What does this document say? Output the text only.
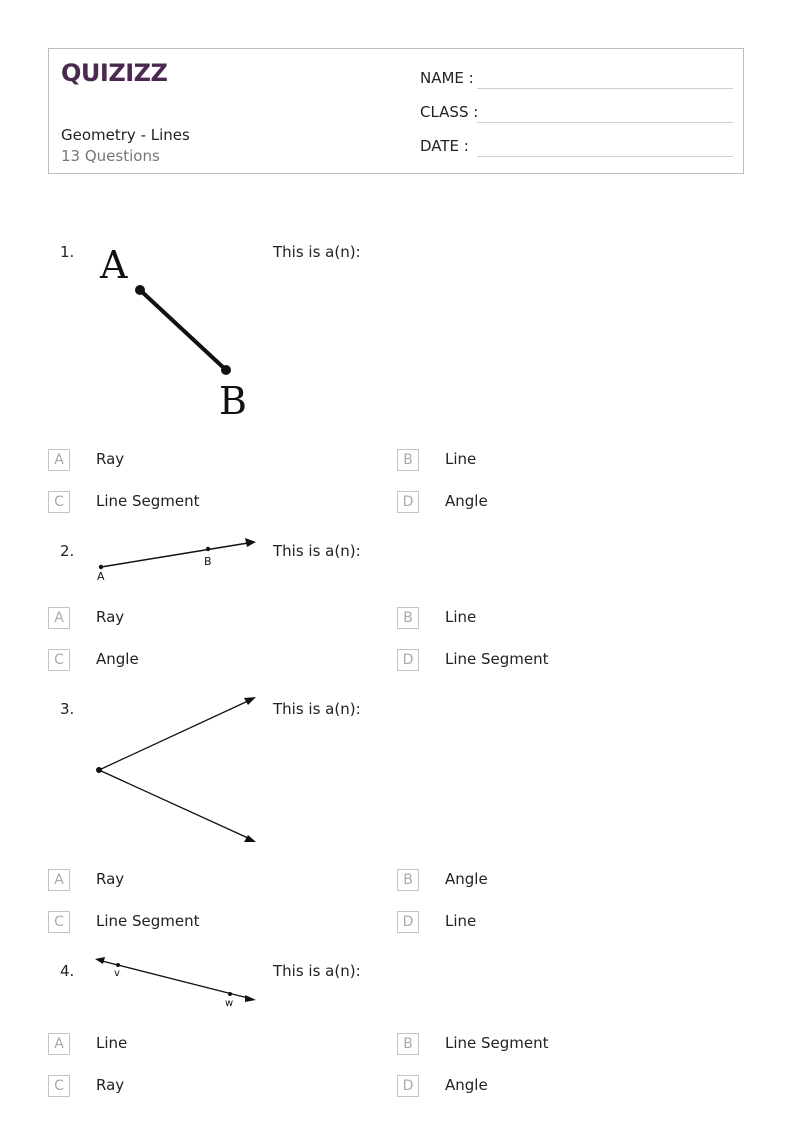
QUIZIZZ
Geometry - Lines
13 Questions
NAME :
CLASS :
DATE :
1.	This is a(n):
A
B
A	Ray	B	Line
C	Line Segment	D	Angle
2.	This is a(n):
A
B
A	Ray	B	Line
C	Angle	D	Line Segment
3.	This is a(n):
A	Ray	B	Angle
C	Line Segment	D	Line
4.	This is a(n):
v
w
A	Line	B	Line Segment
C	Ray	D	Angle
